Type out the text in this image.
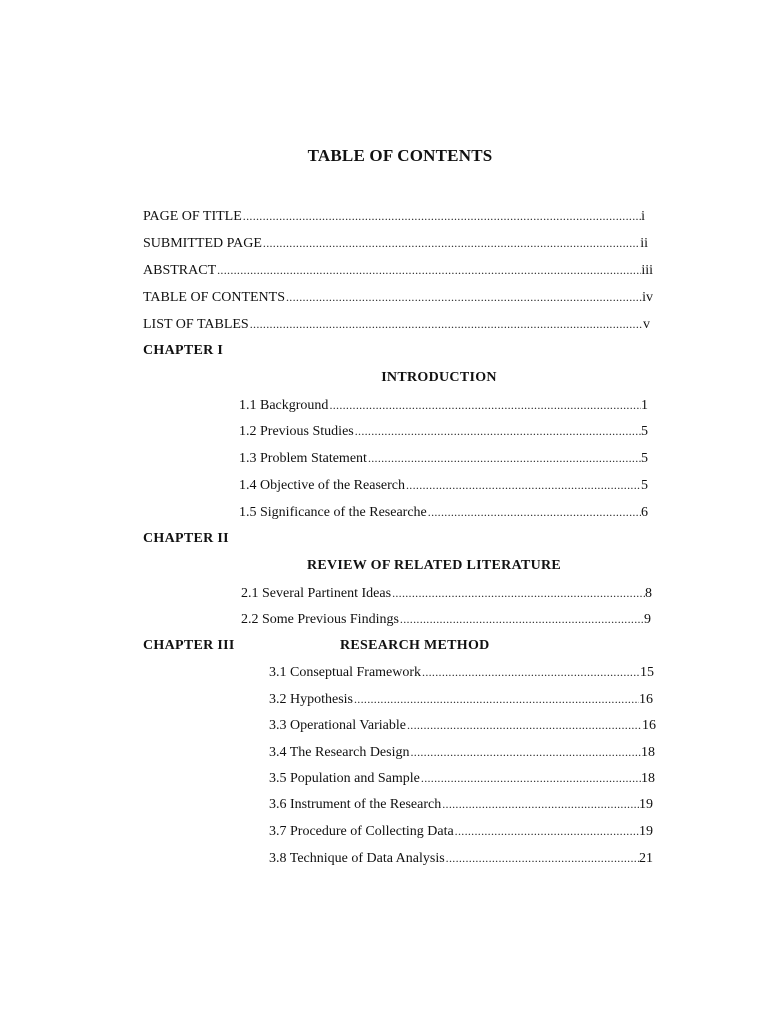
TABLE OF CONTENTS
PAGE OF TITLE .....	i
SUBMITTED PAGE .....	ii
ABSTRACT .....	iii
TABLE OF CONTENTS .....	iv
LIST OF TABLES .....	v
CHAPTER I
INTRODUCTION
1.1 Background .....	1
1.2 Previous Studies .....	5
1.3 Problem Statement .....	5
1.4 Objective of the Reaserch .....	5
1.5 Significance of the Researche .....	6
CHAPTER II
REVIEW OF RELATED LITERATURE
2.1 Several Partinent Ideas .....	8
2.2 Some Previous Findings .....	9
CHAPTER III	RESEARCH METHOD
3.1 Conseptual Framework .....	15
3.2 Hypothesis .....	16
3.3 Operational Variable .....	16
3.4 The Research Design .....	18
3.5 Population and Sample .....	18
3.6 Instrument of the Research .....	19
3.7 Procedure of Collecting Data .....	19
3.8 Technique of Data Analysis .....	21
